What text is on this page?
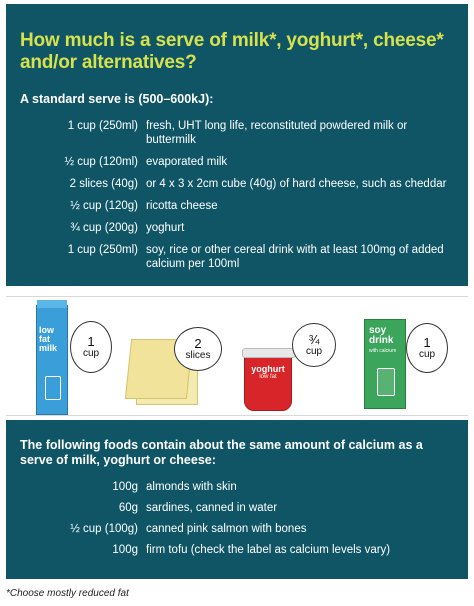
How much is a serve of milk*, yoghurt*, cheese* and/or alternatives?
A standard serve is (500–600kJ):
1 cup (250ml) fresh, UHT long life, reconstituted powdered milk or buttermilk
½ cup (120ml) evaporated milk
2 slices (40g) or 4 x 3 x 2cm cube (40g) of hard cheese, such as cheddar
½ cup (120g) ricotta cheese
¾ cup (200g) yoghurt
1 cup (250ml) soy, rice or other cereal drink with at least 100mg of added calcium per 100ml
low fat milk	1
cup
2
slices
yoghurt
low fat
¾
cup
soy drink
with calcium
1
cup
The following foods contain about the same amount of calcium as a serve of milk, yoghurt or cheese:
100g almonds with skin
60g sardines, canned in water
½ cup (100g) canned pink salmon with bones
100g firm tofu (check the label as calcium levels vary)
*Choose mostly reduced fat
